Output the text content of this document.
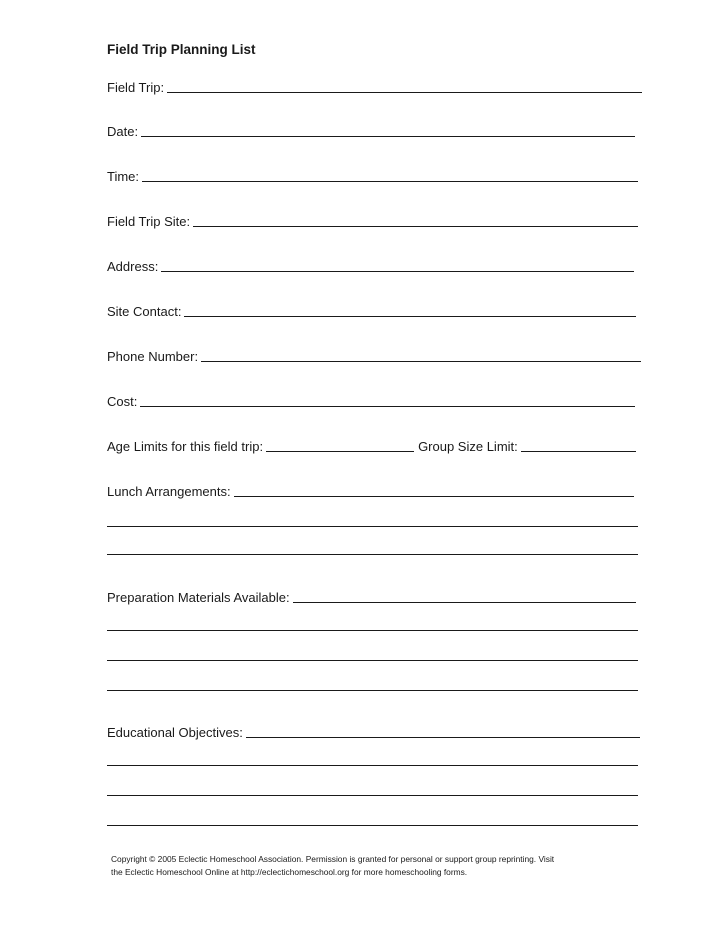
Field Trip Planning List
Field Trip:
Date:
Time:
Field Trip Site:
Address:
Site Contact:
Phone Number:
Cost:
Age Limits for this field trip:	Group Size Limit:
Lunch Arrangements:
Preparation Materials Available:
Educational Objectives:
Copyright © 2005 Eclectic Homeschool Association. Permission is granted for personal or support group reprinting. Visit
the Eclectic Homeschool Online at http://eclectichomeschool.org for more homeschooling forms.
